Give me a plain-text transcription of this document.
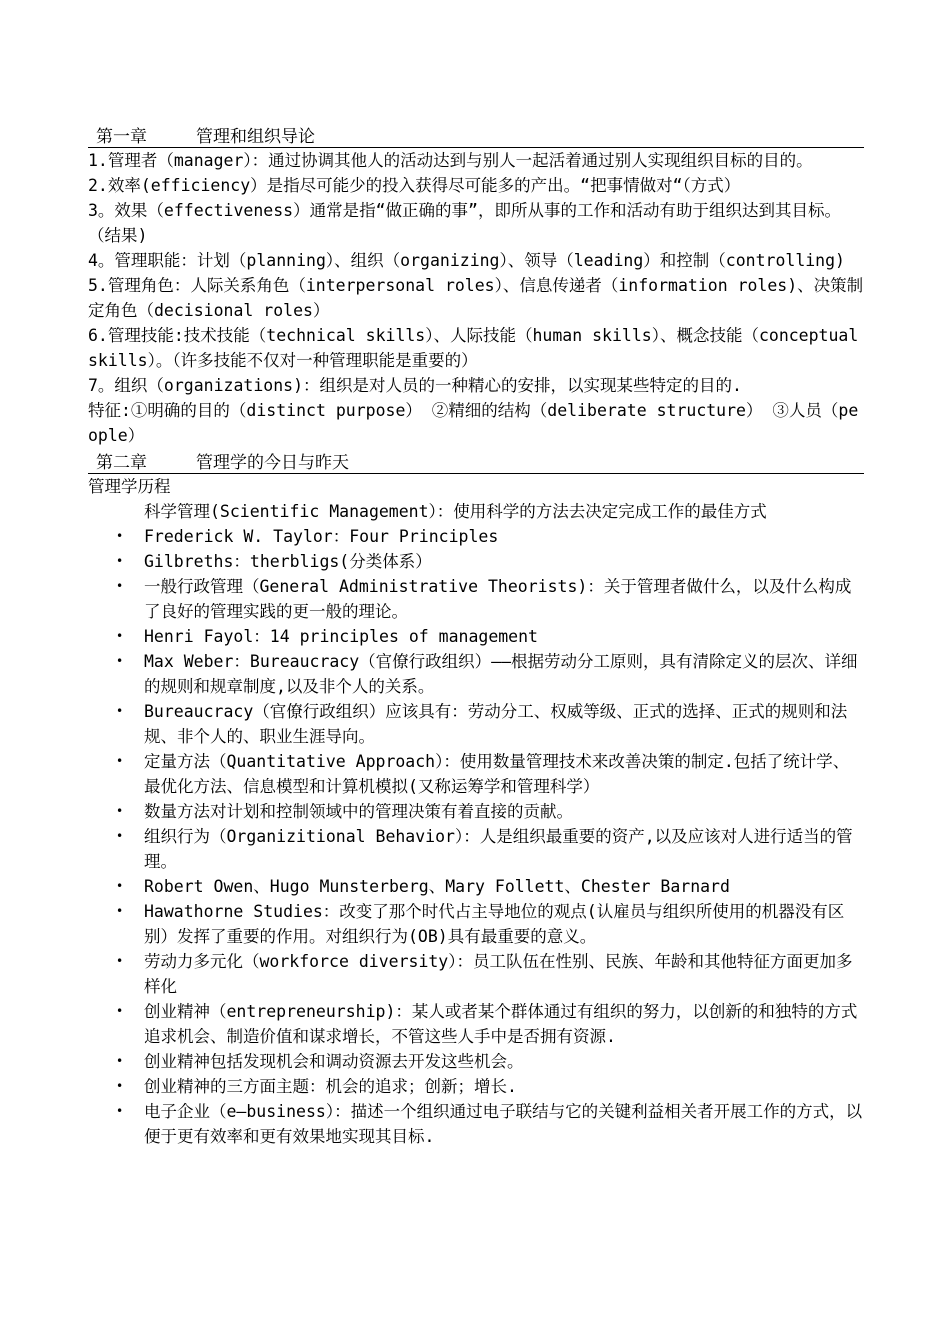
第一章	管理和组织导论

1.管理者（manager）：通过协调其他人的活动达到与别人一起活着通过别人实现组织目标的目的。

2.效率(efficiency）是指尽可能少的投入获得尽可能多的产出。“把事情做对“（方式）

3。效果（effectiveness）通常是指“做正确的事”，即所从事的工作和活动有助于组织达到其目标。（结果)

4。管理职能：计划（planning）、组织（organizing）、领导（leading）和控制（controlling)

5.管理角色：人际关系角色（interpersonal roles）、信息传递者（information roles)、决策制定角色（decisional roles）

6.管理技能:技术技能（technical skills）、人际技能（human skills）、概念技能（conceptual skills）。（许多技能不仅对一种管理职能是重要的）

7。组织（organizations)：组织是对人员的一种精心的安排，以实现某些特定的目的.

特征:①明确的目的（distinct purpose） ②精细的结构（deliberate structure） ③人员（people）

第二章	管理学的今日与昨天

管理学历程

科学管理(Scientific Management）：使用科学的方法去决定完成工作的最佳方式

• Frederick W. Taylor：Four Principles
• Gilbreths：therbligs(分类体系）
• 一般行政管理（General Administrative Theorists)：关于管理者做什么，以及什么构成了良好的管理实践的更一般的理论。
• Henri Fayol：14 principles of management
• Max Weber：Bureaucracy（官僚行政组织）——根据劳动分工原则，具有清除定义的层次、详细的规则和规章制度,以及非个人的关系。
• Bureaucracy（官僚行政组织）应该具有：劳动分工、权威等级、正式的选择、正式的规则和法规、非个人的、职业生涯导向。
• 定量方法（Quantitative Approach）：使用数量管理技术来改善决策的制定.包括了统计学、最优化方法、信息模型和计算机模拟(又称运筹学和管理科学）
• 数量方法对计划和控制领域中的管理决策有着直接的贡献。
• 组织行为（Organizitional Behavior）：人是组织最重要的资产,以及应该对人进行适当的管理。
• Robert Owen、Hugo Munsterberg、Mary Follett、Chester Barnard
• Hawathorne Studies：改变了那个时代占主导地位的观点(认雇员与组织所使用的机器没有区别）发挥了重要的作用。对组织行为(OB)具有最重要的意义。
• 劳动力多元化（workforce diversity）：员工队伍在性别、民族、年龄和其他特征方面更加多样化
• 创业精神（entrepreneurship)：某人或者某个群体通过有组织的努力，以创新的和独特的方式追求机会、制造价值和谋求增长，不管这些人手中是否拥有资源.
• 创业精神包括发现机会和调动资源去开发这些机会。
• 创业精神的三方面主题：机会的追求；创新；增长.
• 电子企业（e—business）：描述一个组织通过电子联结与它的关键利益相关者开展工作的方式，以便于更有效率和更有效果地实现其目标.
